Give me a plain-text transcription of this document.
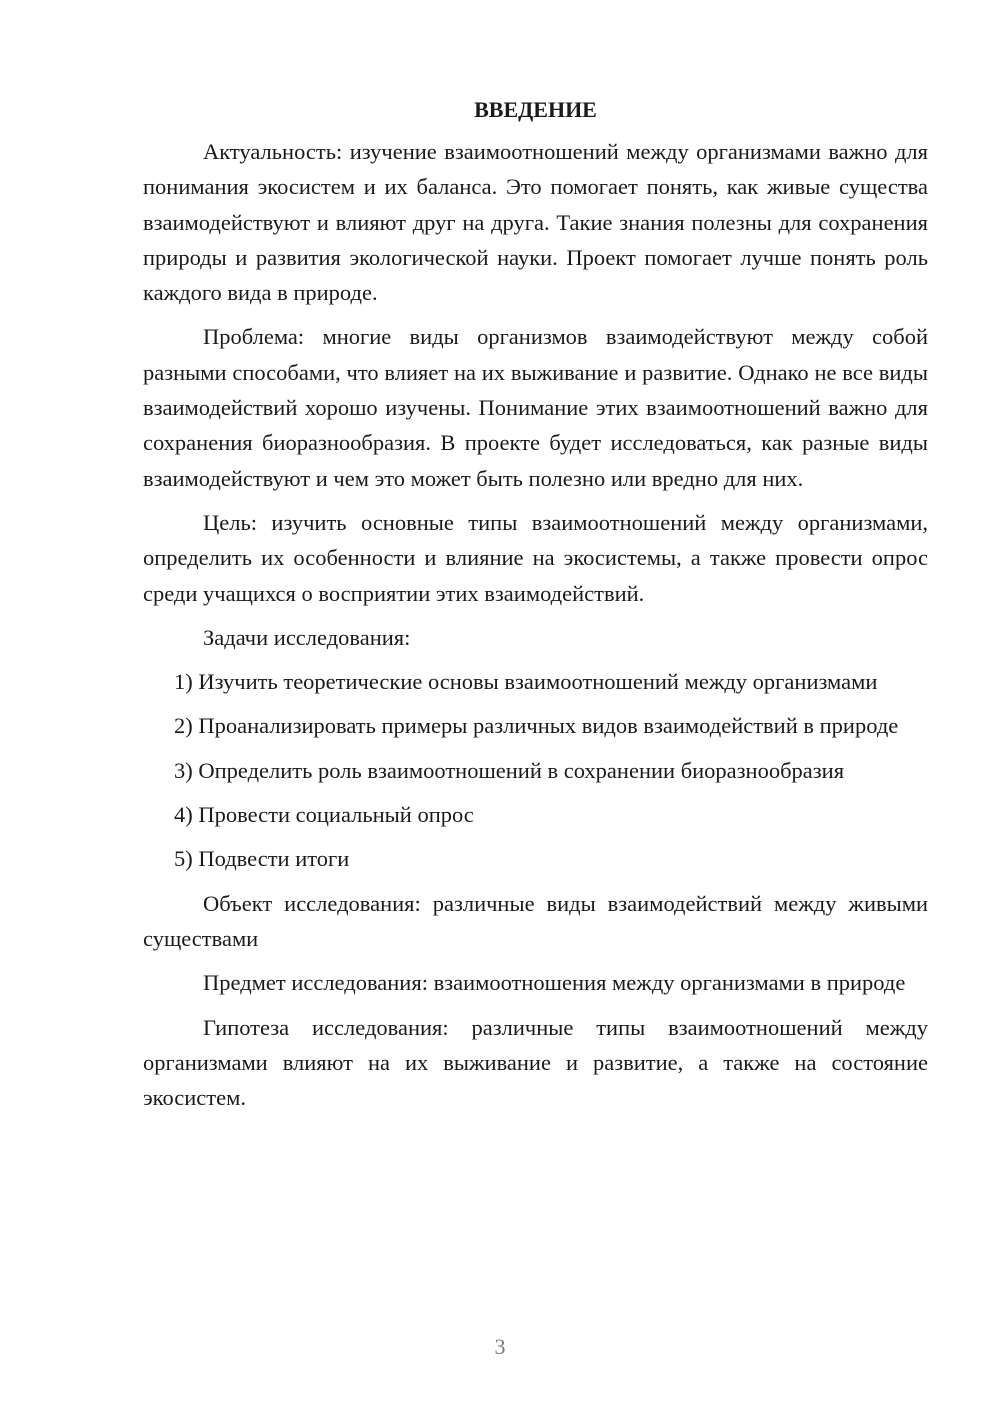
ВВЕДЕНИЕ

Актуальность: изучение взаимоотношений между организмами важно для понимания экосистем и их баланса. Это помогает понять, как живые существа взаимодействуют и влияют друг на друга. Такие знания полезны для сохранения природы и развития экологической науки. Проект помогает лучше понять роль каждого вида в природе.

Проблема: многие виды организмов взаимодействуют между собой разными способами, что влияет на их выживание и развитие. Однако не все виды взаимодействий хорошо изучены. Понимание этих взаимоотношений важно для сохранения биоразнообразия. В проекте будет исследоваться, как разные виды взаимодействуют и чем это может быть полезно или вредно для них.

Цель: изучить основные типы взаимоотношений между организмами, определить их особенности и влияние на экосистемы, а также провести опрос среди учащихся о восприятии этих взаимодействий.

Задачи исследования:

1) Изучить теоретические основы взаимоотношений между организмами

2) Проанализировать примеры различных видов взаимодействий в природе

3) Определить роль взаимоотношений в сохранении биоразнообразия

4) Провести социальный опрос

5) Подвести итоги

Объект исследования: различные виды взаимодействий между живыми существами

Предмет исследования: взаимоотношения между организмами в природе

Гипотеза исследования: различные типы взаимоотношений между организмами влияют на их выживание и развитие, а также на состояние экосистем.

3
